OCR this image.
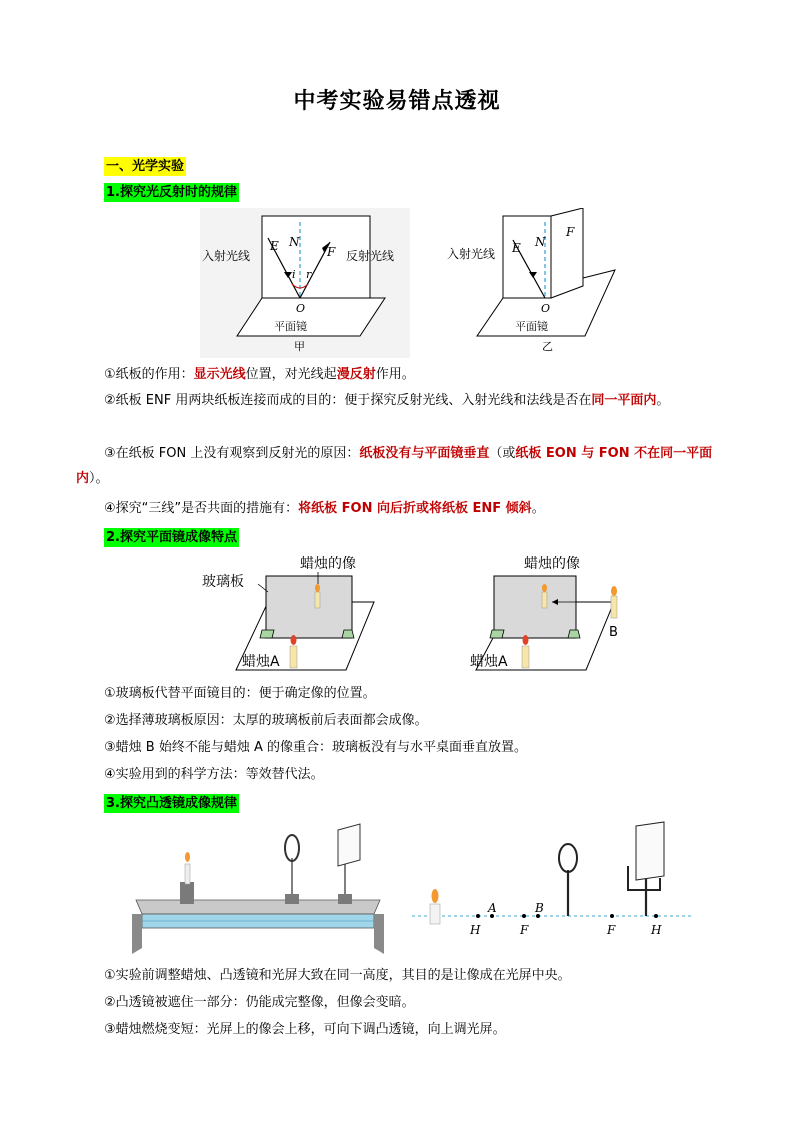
中考实验易错点透视
一、光学实验
1.探究光反射时的规律
E N
F
i r
O
入射光线	反射光线
平面镜
甲
E N
F
O
入射光线
平面镜
乙
①纸板的作用：显示光线位置，对光线起漫反射作用。
②纸板 ENF 用两块纸板连接而成的目的：便于探究反射光线、入射光线和法线是否在同一平面内。
③在纸板 FON 上没有观察到反射光的原因：纸板没有与平面镜垂直（或纸板 EON 与 FON 不在同一平面内）。
④探究“三线”是否共面的措施有：将纸板 FON 向后折或将纸板 ENF 倾斜。
2.探究平面镜成像特点
蜡烛的像
玻璃板
蜡烛A
蜡烛的像
B
蜡烛A
①玻璃板代替平面镜目的：便于确定像的位置。
②选择薄玻璃板原因：太厚的玻璃板前后表面都会成像。
③蜡烛 B 始终不能与蜡烛 A 的像重合：玻璃板没有与水平桌面垂直放置。
④实验用到的科学方法：等效替代法。
3.探究凸透镜成像规律
H
A
F
B
F	H
①实验前调整蜡烛、凸透镜和光屏大致在同一高度，其目的是让像成在光屏中央。
②凸透镜被遮住一部分：仍能成完整像，但像会变暗。
③蜡烛燃烧变短：光屏上的像会上移，可向下调凸透镜，向上调光屏。
